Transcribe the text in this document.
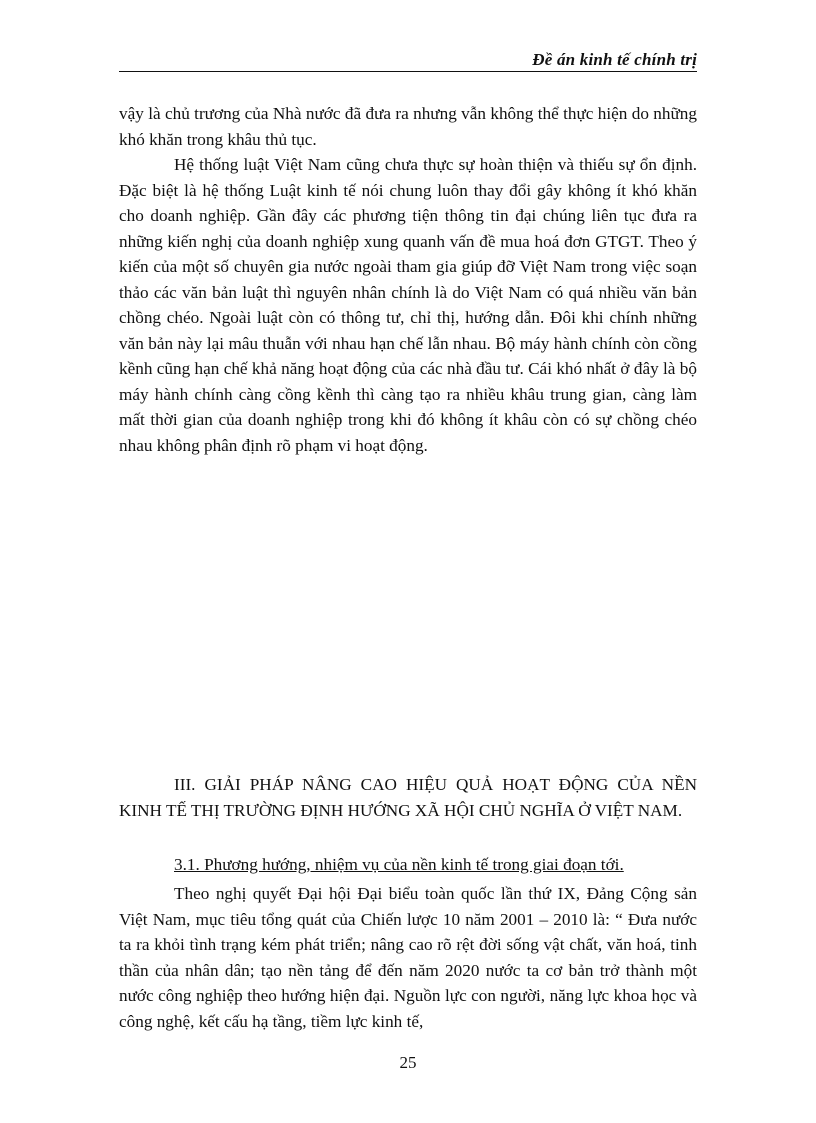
Đề án kinh tế chính trị
vậy là chủ trương của Nhà nước đã đưa ra nhưng vẫn không thể thực hiện do những khó khăn trong khâu thủ tục.
Hệ thống luật Việt Nam cũng chưa thực sự hoàn thiện và thiếu sự ổn định. Đặc biệt là hệ thống Luật kinh tế nói chung luôn thay đổi gây không ít khó khăn cho doanh nghiệp. Gần đây các phương tiện thông tin đại chúng liên tục đưa ra những kiến nghị của doanh nghiệp xung quanh vấn đề mua hoá đơn GTGT. Theo ý kiến của một số chuyên gia nước ngoài tham gia giúp đỡ Việt Nam trong việc soạn thảo các văn bản luật thì nguyên nhân chính là do Việt Nam có quá nhiều văn bản chồng chéo. Ngoài luật còn có thông tư, chỉ thị, hướng dẫn. Đôi khi chính những văn bản này lại mâu thuẫn với nhau hạn chế lẫn nhau. Bộ máy hành chính còn cồng kềnh cũng hạn chế khả năng hoạt động của các nhà đầu tư. Cái khó nhất ở đây là bộ máy hành chính càng cồng kềnh thì càng tạo ra nhiều khâu trung gian, càng làm mất thời gian của doanh nghiệp trong khi đó không ít khâu còn có sự chồng chéo nhau không phân định rõ phạm vi hoạt động.
III. GIẢI PHÁP NÂNG CAO HIỆU QUẢ HOẠT ĐỘNG CỦA NỀN KINH TẾ THỊ TRƯỜNG ĐỊNH HƯỚNG XÃ HỘI CHỦ NGHĨA Ở VIỆT NAM.
3.1. Phương hướng, nhiệm vụ của nền kinh tế trong giai đoạn tới.
Theo nghị quyết Đại hội Đại biểu toàn quốc lần thứ IX, Đảng Cộng sản Việt Nam, mục tiêu tổng quát của Chiến lược 10 năm 2001 – 2010 là: “ Đưa nước ta ra khỏi tình trạng kém phát triển; nâng cao rõ rệt đời sống vật chất, văn hoá, tinh thần của nhân dân; tạo nền tảng để đến năm 2020 nước ta cơ bản trở thành một nước công nghiệp theo hướng hiện đại. Nguồn lực con người, năng lực khoa học và công nghệ, kết cấu hạ tầng, tiềm lực kinh tế,
25
